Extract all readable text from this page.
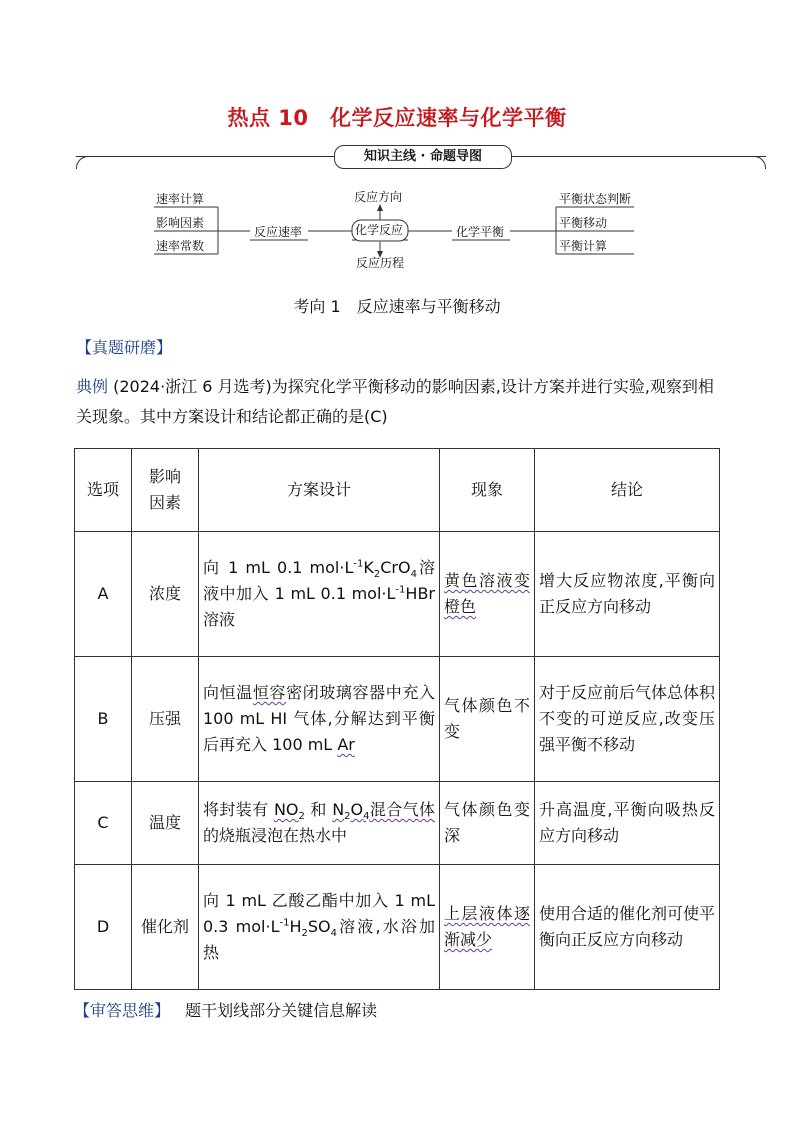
热点 10　化学反应速率与化学平衡
知识主线 · 命题导图
速率计算
影响因素
速率常数
反应速率	化学反应
反应方向
反应历程
化学平衡
平衡状态判断
平衡移动
平衡计算
考向 1　反应速率与平衡移动
【真题研磨】
典例 (2024·浙江 6 月选考)为探究化学平衡移动的影响因素,设计方案并进行实验,观察到相关现象。其中方案设计和结论都正确的是(C)
选项	影响因素	方案设计	现象	结论
A	浓度	向 1 mL 0.1 $mol\cdot L^{-1}K_2CrO_4$溶液中加入 1 mL 0.1 $mol\cdot L^{-1}HBr$ 溶液	黄色溶液变橙色	增大反应物浓度,平衡向正反应方向移动
B	压强	向恒温恒容密闭玻璃容器中充入 100 mL HI 气体,分解达到平衡后再充入 100 mL Ar	气体颜色不变	对于反应前后气体总体积不变的可逆反应,改变压强平衡不移动
C	温度	将封装有 $NO_2$ 和 $N_2O_4$混合气体的烧瓶浸泡在热水中	气体颜色变深	升高温度,平衡向吸热反应方向移动
D	催化剂	向 1 mL 乙酸乙酯中加入 1 mL 0.3 $mol\cdot L^{-1}H_2SO_4$溶液,水浴加热	上层液体逐渐减少	使用合适的催化剂可使平衡向正反应方向移动
【审答思维】 题干划线部分关键信息解读
